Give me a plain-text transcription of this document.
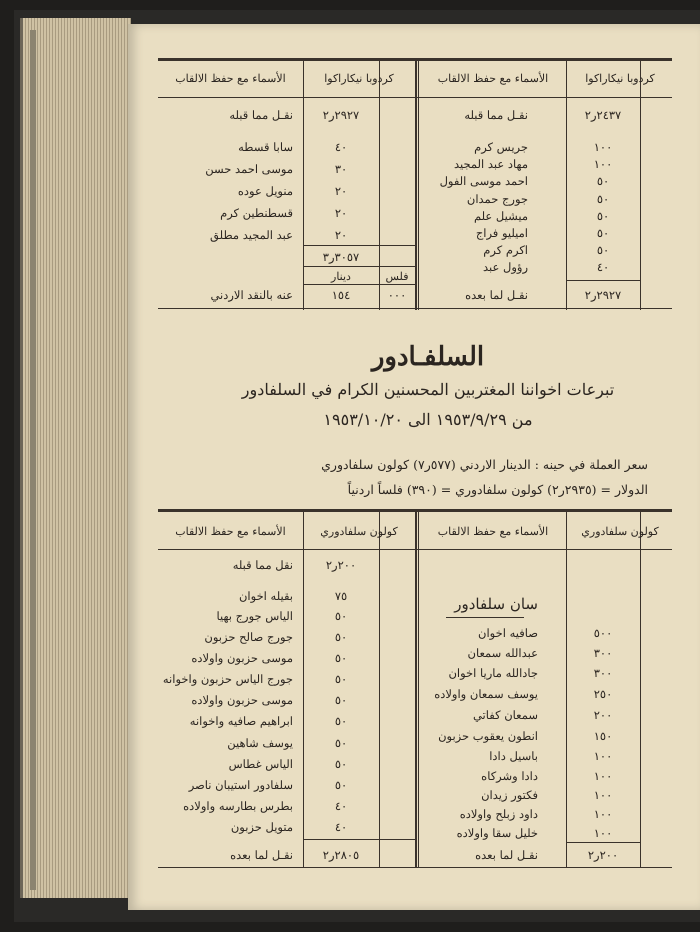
كردوبا نيكاراكوا
الأسماء مع حفظ الالقاب
كردوبا نيكاراكوا
الأسماء مع حفظ الالقاب
٢٤٣٧ر٢
نقـل مما قبله
١٠٠
جريس كرم
١٠٠
مهاد عبد المجيد
٥٠
احمد موسى الفول
٥٠
جورج حمدان
٥٠
ميشيل علم
٥٠
اميليو فراج
٥٠
اكرم كرم
٤٠
رؤول عبد
٢٩٢٧ر٢
نقـل لما بعده
٢٩٢٧ر٢
نقـل مما قبله
٤٠
سابا قسطه
٣٠
موسى احمد حسن
٢٠
منويل عوده
٢٠
قسطنطين كرم
٢٠
عبد المجيد مطلق
٣٠٥٧ر٣
دينار	فلس
١٥٤	٠٠٠
عنه بالنقد الاردني
السلفـادور
تبرعات اخواننا المغتربين المحسنين الكرام في السلفادور
من ١٩٥٣/٩/٢٩ الى ١٩٥٣/١٠/٢٠
سعر العملة في حينه : الدينار الاردني (٥٧٧ر٧) كولون سلفادوري
الدولار = (٢٩٣٥ر٢) كولون سلفادوري = (٣٩٠) فلساً اردنياً
كولون سلفادوري
الأسماء مع حفظ الالقاب
كولون سلفادوري
الأسماء مع حفظ الالقاب
سان سلفادور
٥٠٠
صافيه اخوان
٣٠٠
عبدالله سمعان
٣٠٠
جادالله ماريا اخوان
٢٥٠
يوسف سمعان واولاده
٢٠٠
سمعان كفاتي
١٥٠
انطون يعقوب حزبون
١٠٠
باسيل دادا
١٠٠
دادا وشركاه
١٠٠
فكتور زيدان
١٠٠
داود زبلح واولاده
١٠٠
خليل سقا واولاده
٢٠٠ر٢
نقـل لما بعده
٢٠٠ر٢
نقل مما قبله
٧٥
بقيله اخوان
٥٠
الياس جورج بهيا
٥٠
جورج صالح حزبون
٥٠
موسى حزبون واولاده
٥٠
جورج الياس حزبون واخوانه
٥٠
موسى حزبون واولاده
٥٠
ابراهيم صافيه واخوانه
٥٠
يوسف شاهين
٥٠
الياس غطاس
٥٠
سلفادور استيبان ناصر
٤٠
بطرس بطارسه واولاده
٤٠
متويل حزبون
٢٨٠٥ر٢
نقـل لما بعده
